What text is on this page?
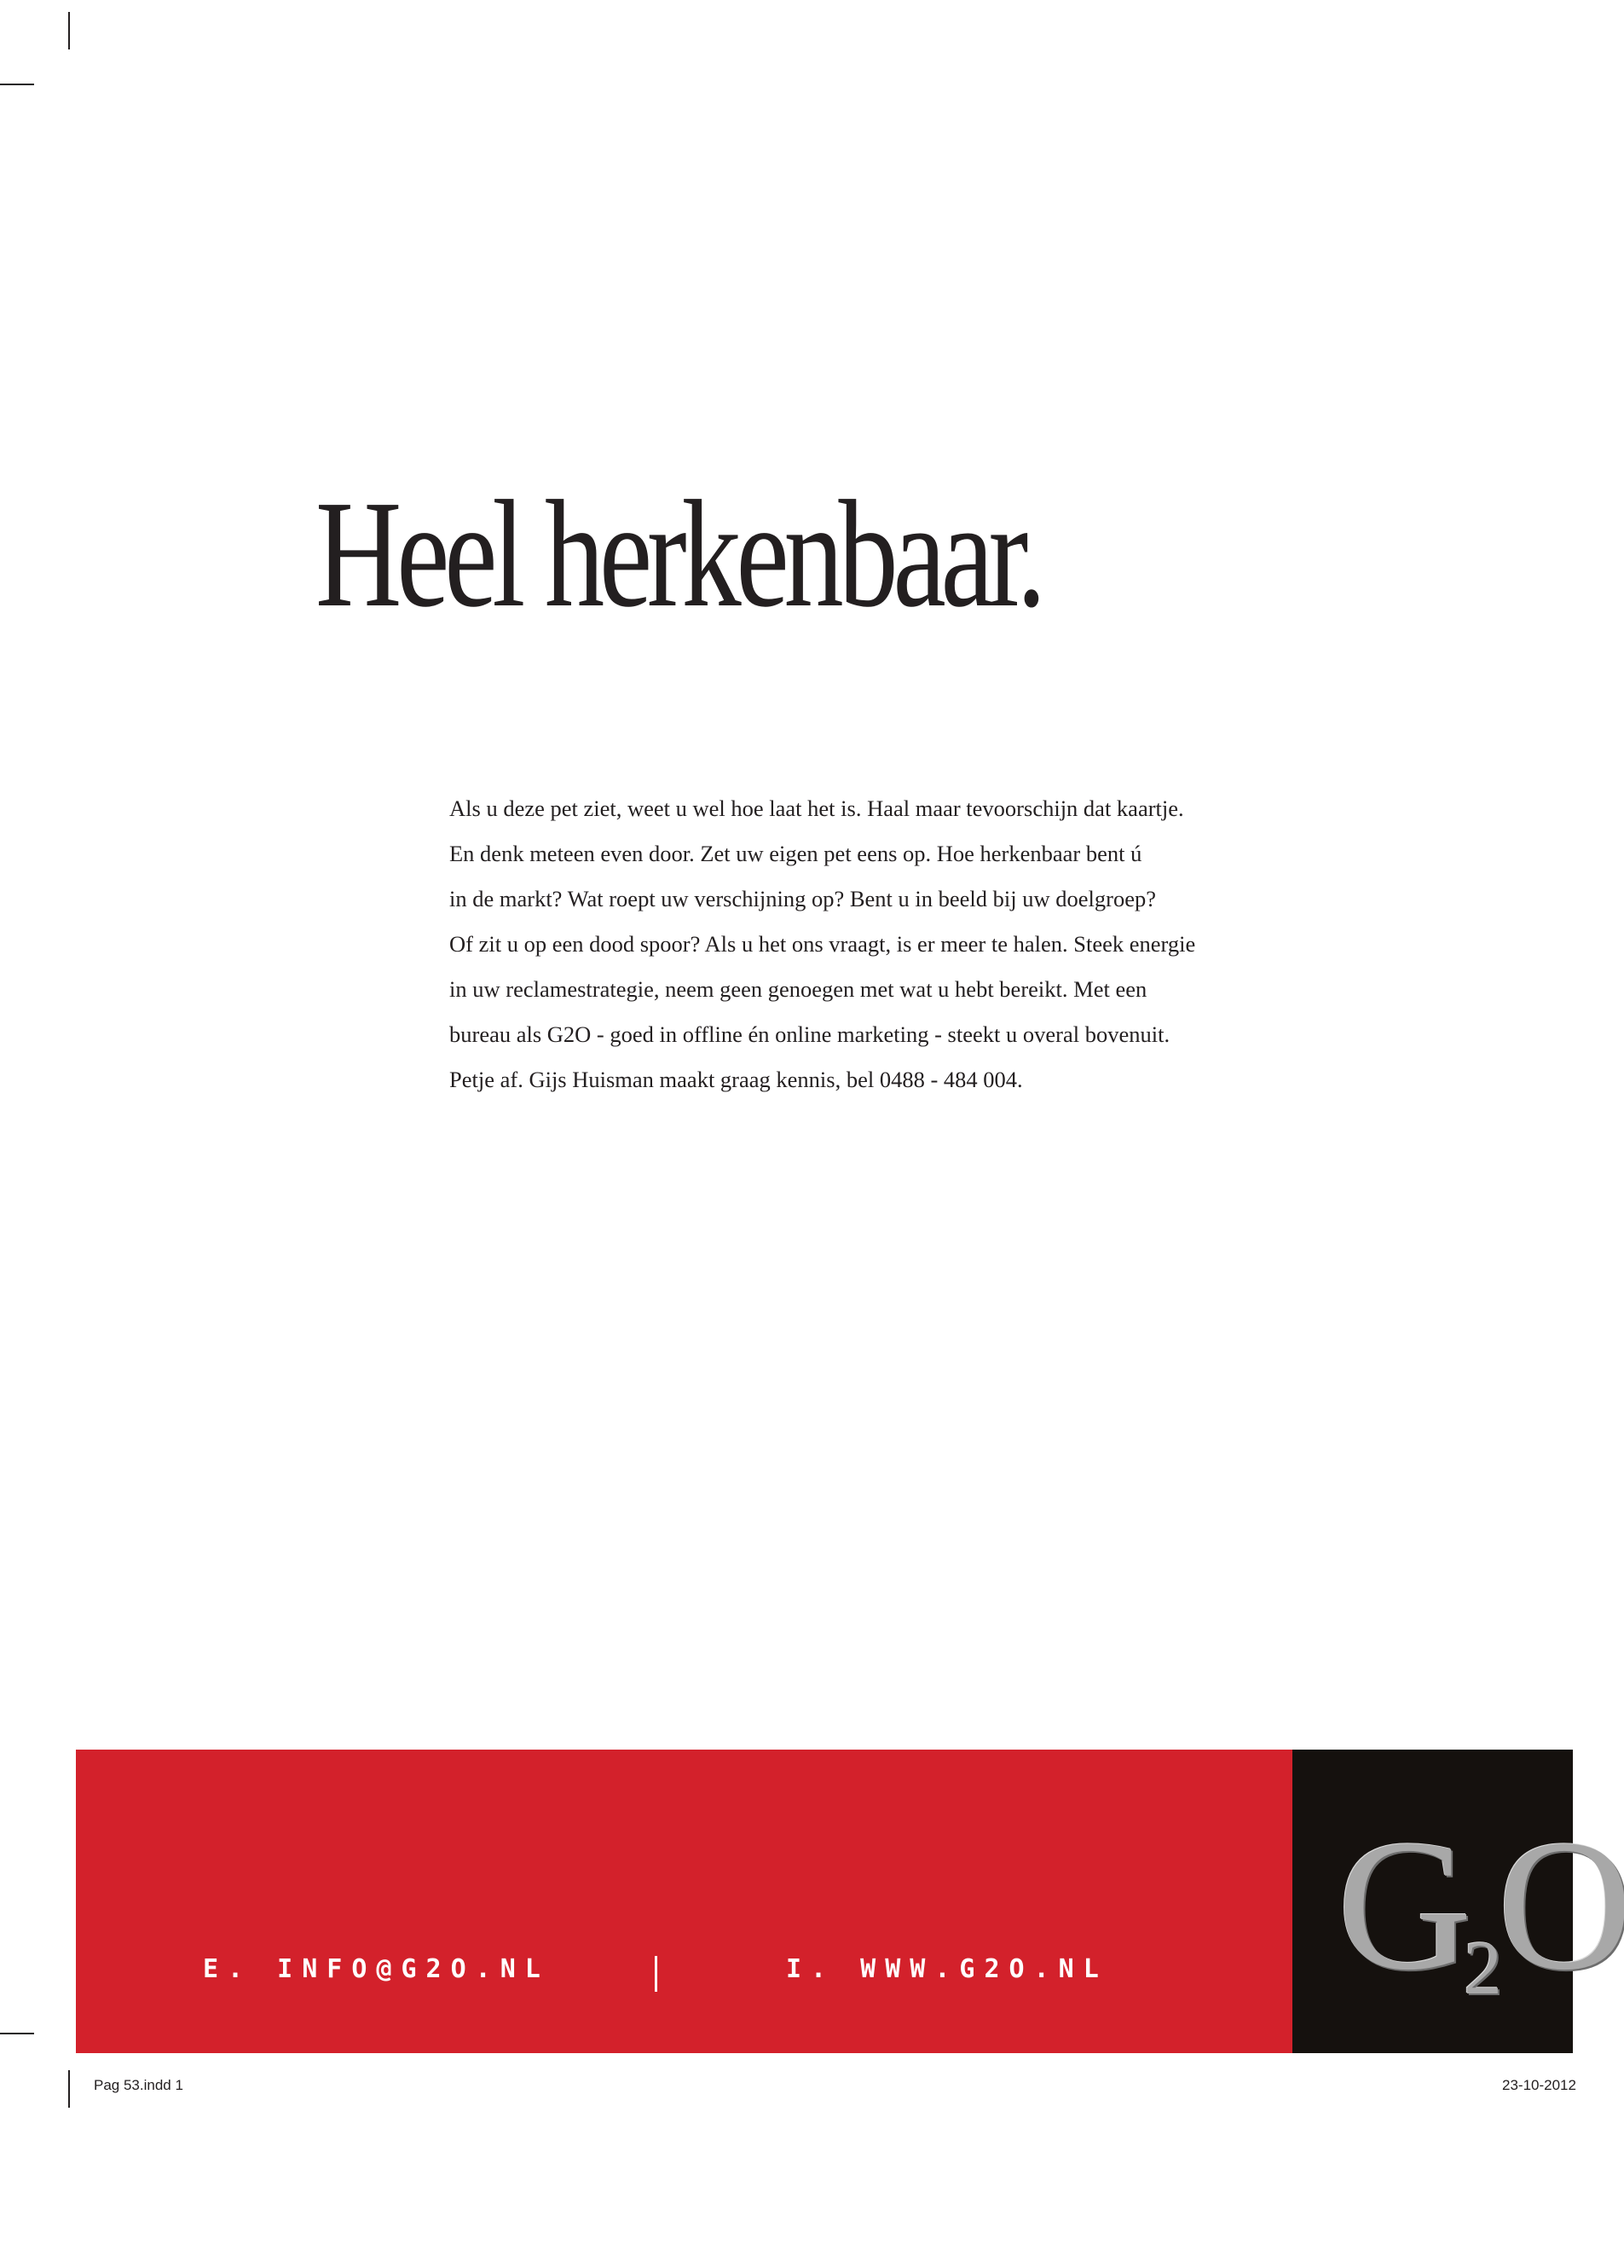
Heel herkenbaar.

Als u deze pet ziet, weet u wel hoe laat het is. Haal maar tevoorschijn dat kaartje.

En denk meteen even door. Zet uw eigen pet eens op. Hoe herkenbaar bent ú

in de markt? Wat roept uw verschijning op? Bent u in beeld bij uw doelgroep?

Of zit u op een dood spoor? Als u het ons vraagt, is er meer te halen. Steek energie

in uw reclamestrategie, neem geen genoegen met wat u hebt bereikt. Met een

bureau als G2O - goed in offline én online marketing - steekt u overal bovenuit.

Petje af. Gijs Huisman maakt graag kennis, bel 0488 - 484 004.

G2O
E. INFO@G2O.NL	I. WWW.G2O.NL
Pag 53.indd 1	23-10-2012
